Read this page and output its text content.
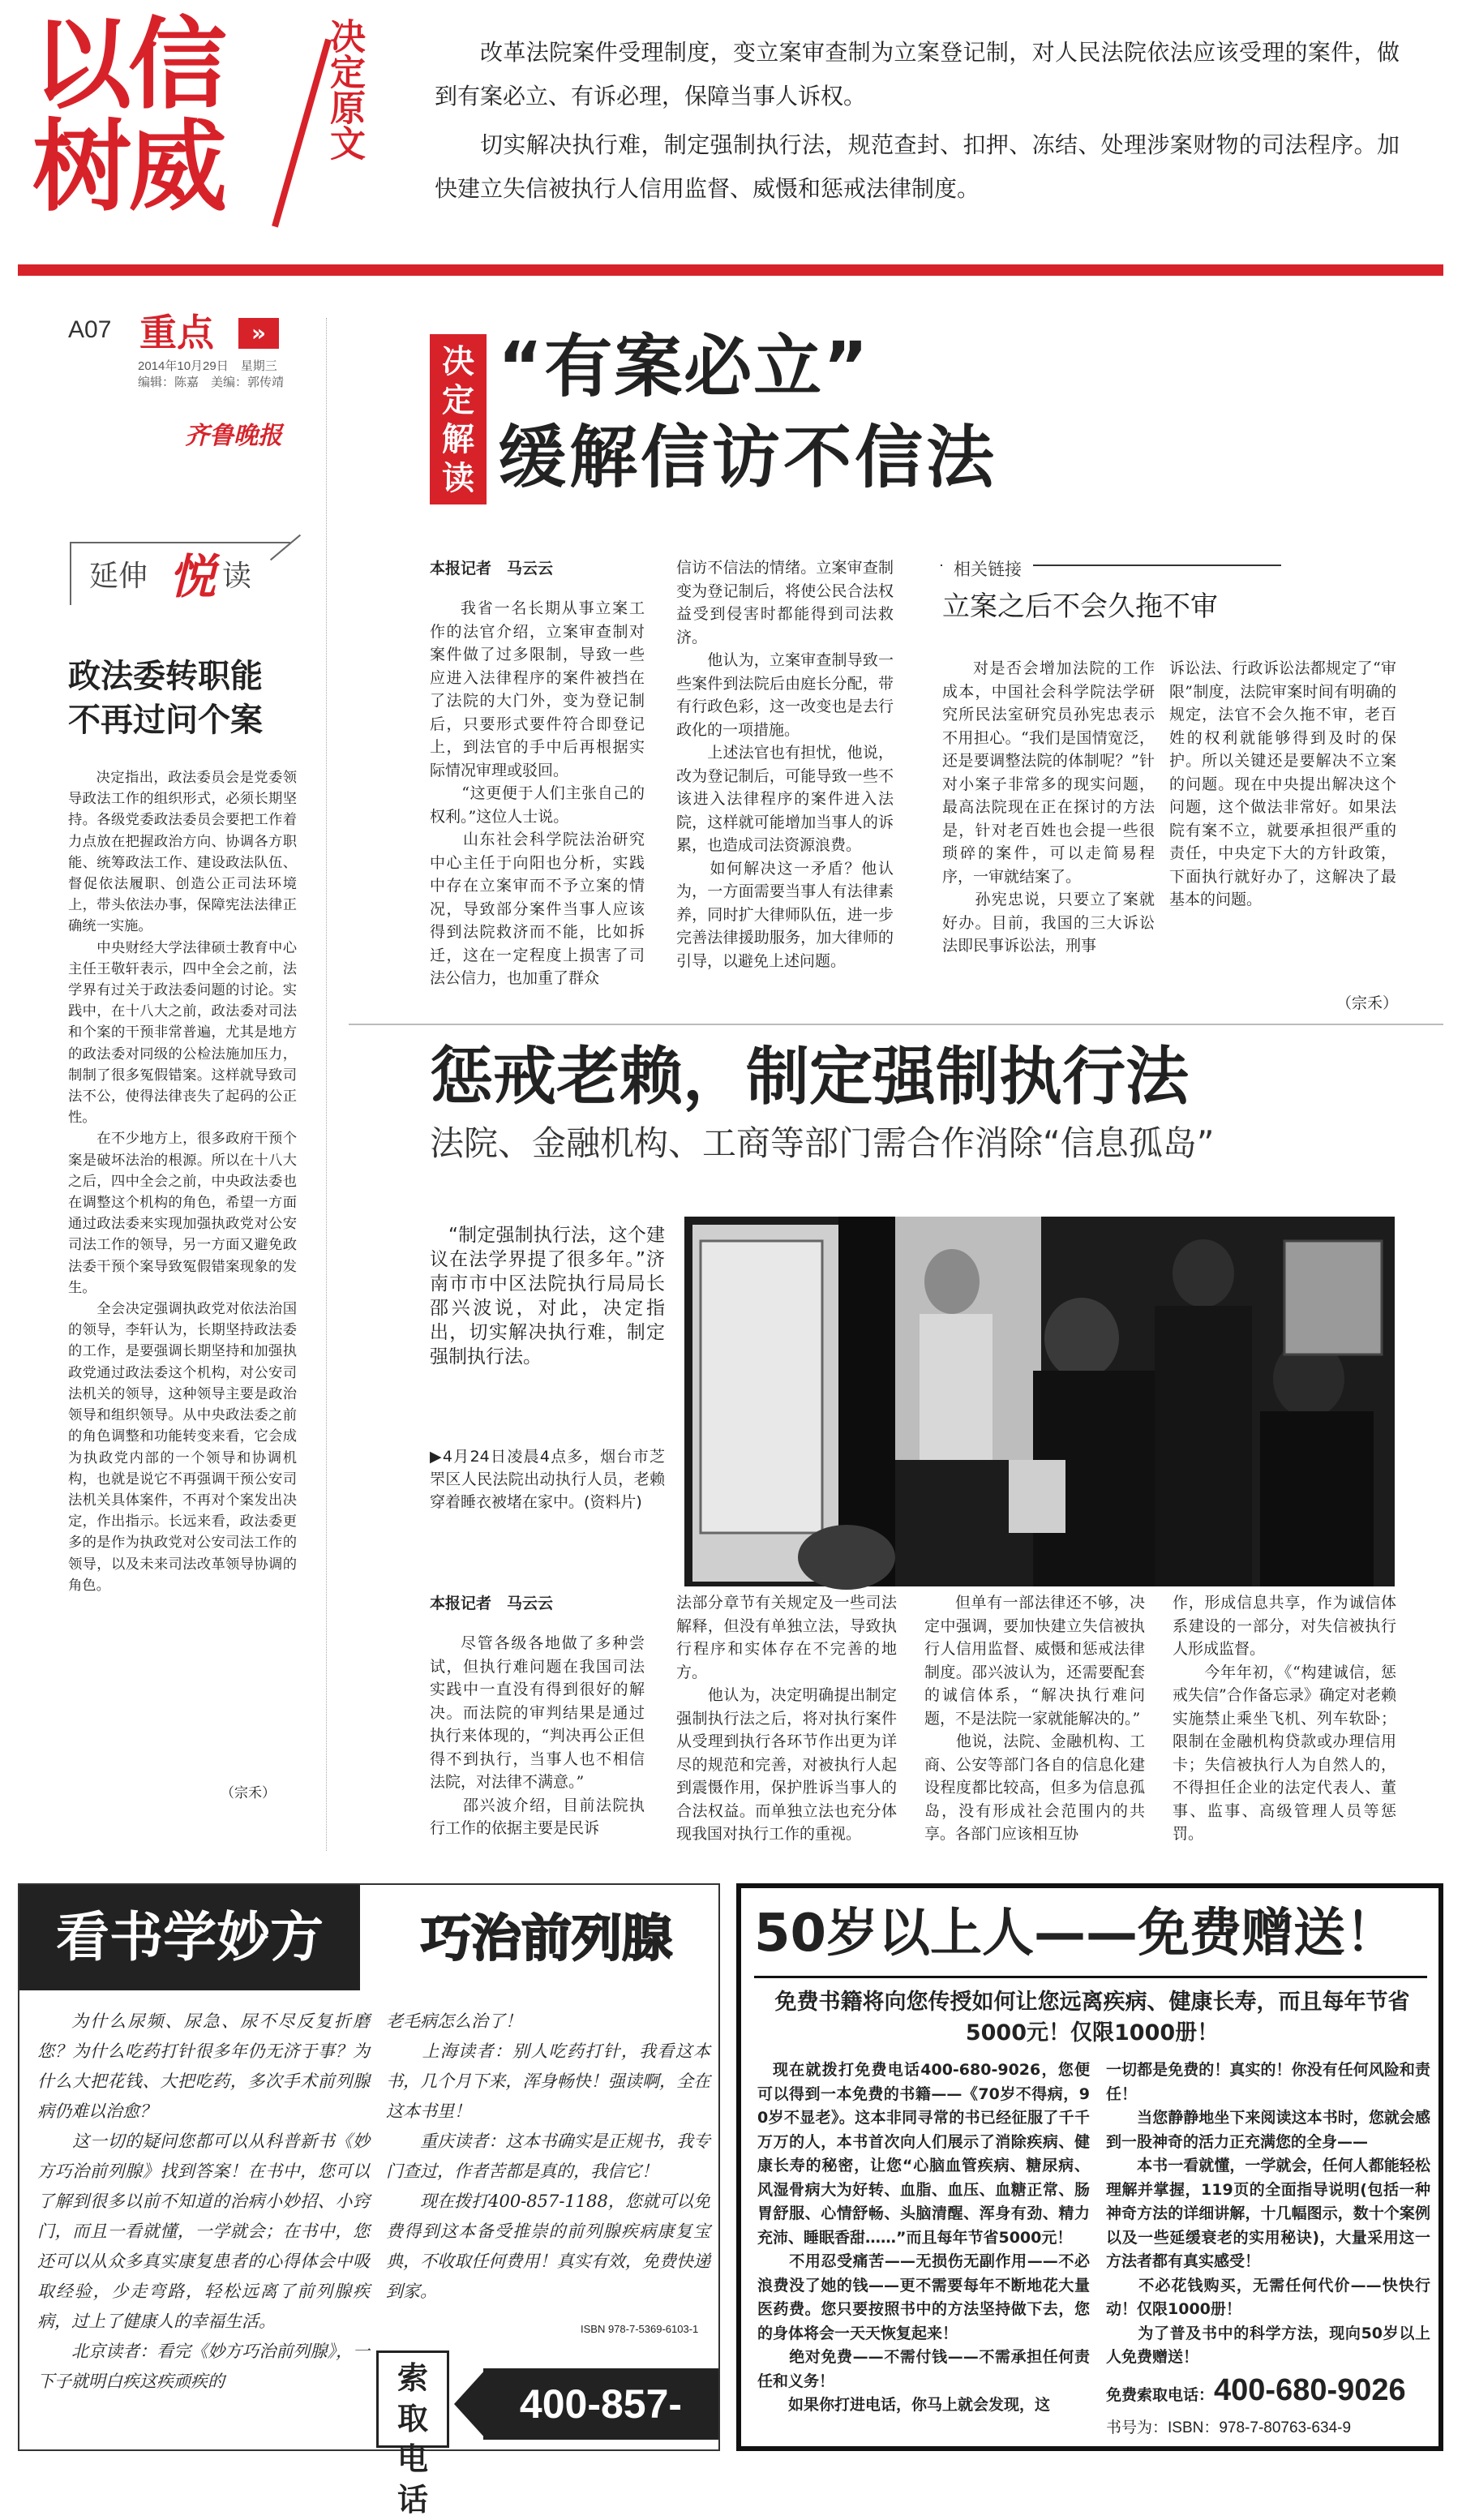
以信
树威
决定原文	改革法院案件受理制度，变立案审查制为立案登记制，对人民法院依法应该受理的案件，做到有案必立、有诉必理，保障当事人诉权。
切实解决执行难，制定强制执行法，规范查封、扣押、冻结、处理涉案财物的司法程序。加快建立失信被执行人信用监督、威慑和惩戒法律制度。
A07 重点	»
2014年10月29日　星期三
编辑：陈嘉　美编：郭传靖
齐鲁晚报
延伸 悦 读
政法委转职能
不再过问个案
决定指出，政法委员会是党委领导政法工作的组织形式，必须长期坚持。各级党委政法委员会要把工作着力点放在把握政治方向、协调各方职能、统筹政法工作、建设政法队伍、督促依法履职、创造公正司法环境上，带头依法办事，保障宪法法律正确统一实施。
　　中央财经大学法律硕士教育中心主任王敬轩表示，四中全会之前，法学界有过关于政法委问题的讨论。实践中，在十八大之前，政法委对司法和个案的干预非常普遍，尤其是地方的政法委对同级的公检法施加压力，制制了很多冤假错案。这样就导致司法不公，使得法律丧失了起码的公正性。
　　在不少地方上，很多政府干预个案是破坏法治的根源。所以在十八大之后，四中全会之前，中央政法委也在调整这个机构的角色，希望一方面通过政法委来实现加强执政党对公安司法工作的领导，另一方面又避免政法委干预个案导致冤假错案现象的发生。
　　全会决定强调执政党对依法治国的领导，李轩认为，长期坚持政法委的工作，是要强调长期坚持和加强执政党通过政法委这个机构，对公安司法机关的领导，这种领导主要是政治领导和组织领导。从中央政法委之前的角色调整和功能转变来看，它会成为执政党内部的一个领导和协调机构，也就是说它不再强调干预公安司法机关具体案件，不再对个案发出决定，作出指示。长远来看，政法委更多的是作为执政党对公安司法工作的领导，以及未来司法改革领导协调的角色。
（宗禾）
决定解读
“有案必立”
缓解信访不信法
本报记者　马云云
我省一名长期从事立案工作的法官介绍，立案审查制对案件做了过多限制，导致一些应进入法律程序的案件被挡在了法院的大门外，变为登记制后，只要形式要件符合即登记上，到法官的手中后再根据实际情况审理或驳回。
　　“这更便于人们主张自己的权利。”这位人士说。
　　山东社会科学院法治研究中心主任于向阳也分析，实践中存在立案审而不予立案的情况，导致部分案件当事人应该得到法院救济而不能，比如拆迁，这在一定程度上损害了司法公信力，也加重了群众
信访不信法的情绪。立案审查制变为登记制后，将使公民合法权益受到侵害时都能得到司法救济。
　　他认为，立案审查制导致一些案件到法院后由庭长分配，带有行政色彩，这一改变也是去行政化的一项措施。
　　上述法官也有担忧，他说，改为登记制后，可能导致一些不该进入法律程序的案件进入法院，这样就可能增加当事人的诉累，也造成司法资源浪费。
　　如何解决这一矛盾？他认为，一方面需要当事人有法律素养，同时扩大律师队伍，进一步完善法律援助服务，加大律师的引导，以避免上述问题。
相关链接
立案之后不会久拖不审
对是否会增加法院的工作成本，中国社会科学院法学研究所民法室研究员孙宪忠表示不用担心。“我们是国情宽泛，还是要调整法院的体制呢？”针对小案子非常多的现实问题，最高法院现在正在探讨的方法是，针对老百姓也会提一些很琐碎的案件，可以走简易程序，一审就结案了。
　　孙宪忠说，只要立了案就好办。目前，我国的三大诉讼法即民事诉讼法，刑事
诉讼法、行政诉讼法都规定了“审限”制度，法院审案时间有明确的规定，法官不会久拖不审，老百姓的权利就能够得到及时的保护。所以关键还是要解决不立案的问题。现在中央提出解决这个问题，这个做法非常好。如果法院有案不立，就要承担很严重的责任，中央定下大的方针政策，下面执行就好办了，这解决了最基本的问题。
（宗禾）
惩戒老赖，制定强制执行法
法院、金融机构、工商等部门需合作消除“信息孤岛”
“制定强制执行法，这个建议在法学界提了很多年。”济南市市中区法院执行局局长邵兴波说，对此，决定指出，切实解决执行难，制定强制执行法。
▶4月24日凌晨4点多，烟台市芝罘区人民法院出动执行人员，老赖穿着睡衣被堵在家中。(资料片)
本报记者　马云云
尽管各级各地做了多种尝试，但执行难问题在我国司法实践中一直没有得到很好的解决。而法院的审判结果是通过执行来体现的，“判决再公正但得不到执行，当事人也不相信法院，对法律不满意。”
　　邵兴波介绍，目前法院执行工作的依据主要是民诉
法部分章节有关规定及一些司法解释，但没有单独立法，导致执行程序和实体存在不完善的地方。
　　他认为，决定明确提出制定强制执行法之后，将对执行案件从受理到执行各环节作出更为详尽的规范和完善，对被执行人起到震慑作用，保护胜诉当事人的合法权益。而单独立法也充分体现我国对执行工作的重视。
但单有一部法律还不够，决定中强调，要加快建立失信被执行人信用监督、威慑和惩戒法律制度。邵兴波认为，还需要配套的诚信体系，“解决执行难问题，不是法院一家就能解决的。”
　　他说，法院、金融机构、工商、公安等部门各自的信息化建设程度都比较高，但多为信息孤岛，没有形成社会范围内的共享。各部门应该相互协
作，形成信息共享，作为诚信体系建设的一部分，对失信被执行人形成监督。
　　今年年初，《“构建诚信，惩戒失信”合作备忘录》确定对老赖实施禁止乘坐飞机、列车软卧；限制在金融机构贷款或办理信用卡；失信被执行人为自然人的，不得担任企业的法定代表人、董事、监事、高级管理人员等惩罚。
看书学妙方	巧治前列腺
为什么尿频、尿急、尿不尽反复折磨您？为什么吃药打针很多年仍无济于事？为什么大把花钱、大把吃药，多次手术前列腺病仍难以治愈？
　　这一切的疑问您都可以从科普新书《妙方巧治前列腺》找到答案！在书中，您可以了解到很多以前不知道的治病小妙招、小窍门，而且一看就懂，一学就会；在书中，您还可以从众多真实康复患者的心得体会中吸取经验，少走弯路，轻松远离了前列腺疾病，过上了健康人的幸福生活。
　　北京读者：看完《妙方巧治前列腺》，一下子就明白疾这疾顽疾的
老毛病怎么治了！
　　上海读者：别人吃药打针，我看这本书，几个月下来，浑身畅快！强读啊，全在这本书里！
　　重庆读者：这本书确实是正规书，我专门查过，作者苦都是真的，我信它！
　　现在拨打400-857-1188，您就可以免费得到这本备受推崇的前列腺疾病康复宝典，不收取任何费用！真实有效，免费快递到家。
ISBN 978-7-5369-6103-1
索取电话
400-857-1188
50岁以上人——免费赠送！
免费书籍将向您传授如何让您远离疾病、健康长寿，而且每年节省5000元！仅限1000册！
现在就拨打免费电话400-680-9026，您便可以得到一本免费的书籍——《70岁不得病，90岁不显老》。这本非同寻常的书已经征服了千千万万的人，本书首次向人们展示了消除疾病、健康长寿的秘密，让您“心脑血管疾病、糖尿病、风湿骨病大为好转、血脂、血压、血糖正常、肠胃舒服、心情舒畅、头脑清醒、浑身有劲、精力充沛、睡眠香甜……”而且每年节省5000元！
　　不用忍受痛苦——无损伤无副作用——不必浪费没了她的钱——更不需要每年不断地花大量医药费。您只要按照书中的方法坚持做下去，您的身体将会一天天恢复起来！
　　绝对免费——不需付钱——不需承担任何责任和义务！
　　如果你打进电话，你马上就会发现，这
一切都是免费的！真实的！你没有任何风险和责任！
　　当您静静地坐下来阅读这本书时，您就会感到一股神奇的活力正充满您的全身——
　　本书一看就懂，一学就会，任何人都能轻松理解并掌握，119页的全面指导说明(包括一种神奇方法的详细讲解，十几幅图示，数十个案例以及一些延缓衰老的实用秘诀)，大量采用这一方法者都有真实感受！
　　不必花钱购买，无需任何代价——快快行动！仅限1000册！
　　为了普及书中的科学方法，现向50岁以上人免费赠送！
免费索取电话：400-680-9026
书号为：ISBN：978-7-80763-634-9
